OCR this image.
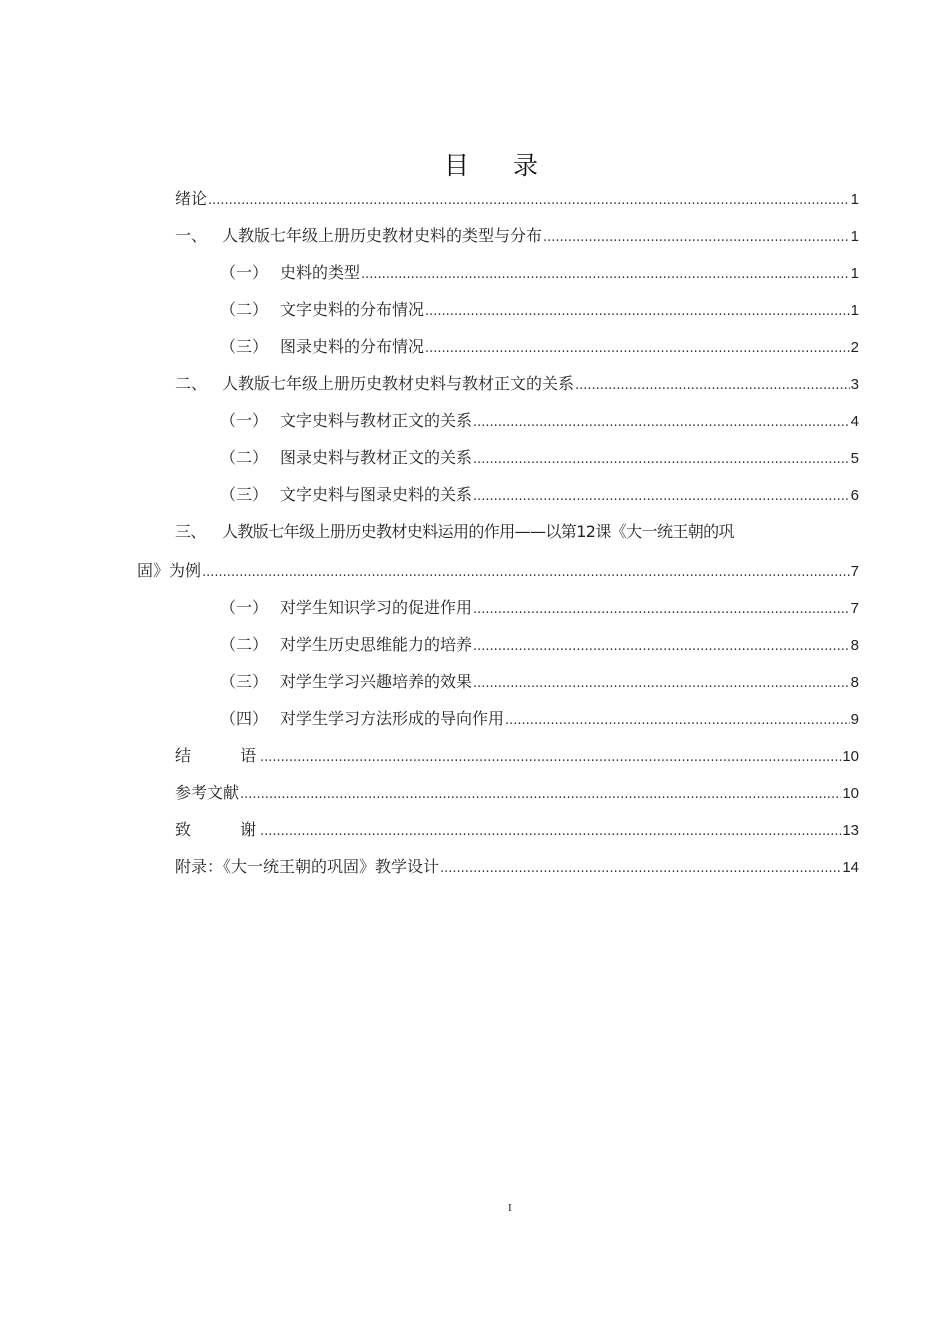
目 录
绪论 .....	1
一、 人教版七年级上册历史教材史料的类型与分布 .....	1
（一） 史料的类型 .....	1
（二） 文字史料的分布情况 .....	1
（三） 图录史料的分布情况 .....	2
二、 人教版七年级上册历史教材史料与教材正文的关系 .....	3
（一） 文字史料与教材正文的关系 .....	4
（二） 图录史料与教材正文的关系 .....	5
（三） 文字史料与图录史料的关系 .....	6
三、	人教版七年级上册历史教材史料运用的作用——以第12课《大一统王朝的巩
固》为例 .....	7
（一） 对学生知识学习的促进作用 .....	7
（二） 对学生历史思维能力的培养 .....	8
（三） 对学生学习兴趣培养的效果 .....	8
（四） 对学生学习方法形成的导向作用 .....	9
结 语 .....	10
参考文献 .....	10
致 谢 .....	13
附录：《大一统王朝的巩固》教学设计 .....	14
I
